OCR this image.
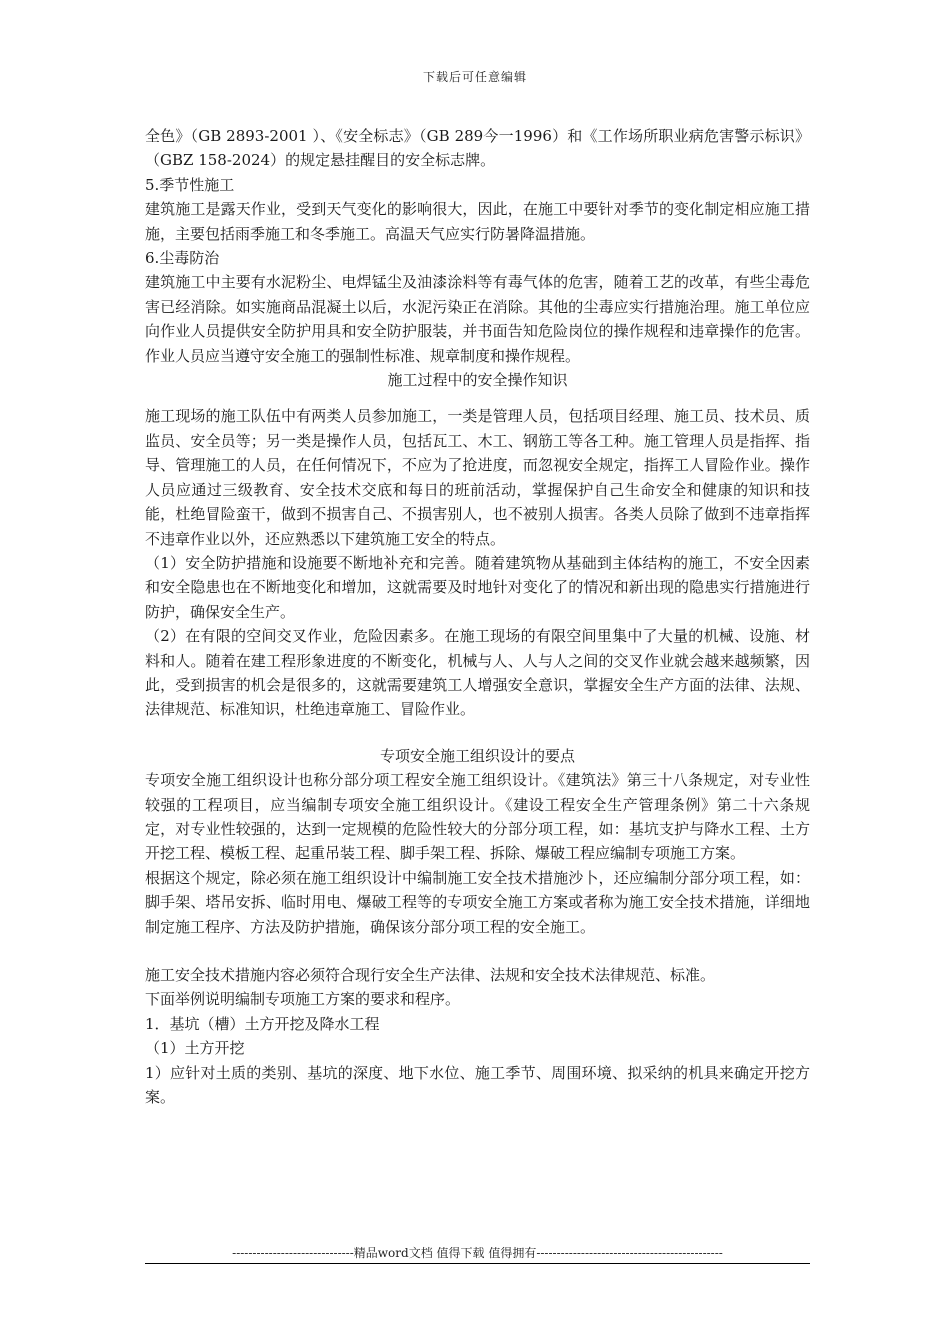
下载后可任意编辑

全色》（GB 2893-2001 ）、《安全标志》（GB 289今一1996）和《工作场所职业病危害警示标识》（GBZ 158-2024）的规定悬挂醒目的安全标志牌。

5.季节性施工

建筑施工是露天作业，受到天气变化的影响很大，因此，在施工中要针对季节的变化制定相应施工措施，主要包括雨季施工和冬季施工。高温天气应实行防暑降温措施。

6.尘毒防治

建筑施工中主要有水泥粉尘、电焊锰尘及油漆涂料等有毒气体的危害，随着工艺的改革，有些尘毒危害已经消除。如实施商品混凝土以后，水泥污染正在消除。其他的尘毒应实行措施治理。施工单位应向作业人员提供安全防护用具和安全防护服装，并书面告知危险岗位的操作规程和违章操作的危害。作业人员应当遵守安全施工的强制性标准、规章制度和操作规程。

施工过程中的安全操作知识

施工现场的施工队伍中有两类人员参加施工，一类是管理人员，包括项目经理、施工员、技术员、质监员、安全员等；另一类是操作人员，包括瓦工、木工、钢筋工等各工种。施工管理人员是指挥、指导、管理施工的人员，在任何情况下，不应为了抢进度，而忽视安全规定，指挥工人冒险作业。操作人员应通过三级教育、安全技术交底和每日的班前活动，掌握保护自己生命安全和健康的知识和技能，杜绝冒险蛮干，做到不损害自己、不损害别人，也不被别人损害。各类人员除了做到不违章指挥不违章作业以外，还应熟悉以下建筑施工安全的特点。

（1）安全防护措施和设施要不断地补充和完善。随着建筑物从基础到主体结构的施工，不安全因素和安全隐患也在不断地变化和增加，这就需要及时地针对变化了的情况和新出现的隐患实行措施进行防护，确保安全生产。

（2）在有限的空间交叉作业，危险因素多。在施工现场的有限空间里集中了大量的机械、设施、材料和人。随着在建工程形象进度的不断变化，机械与人、人与人之间的交叉作业就会越来越频繁，因此，受到损害的机会是很多的，这就需要建筑工人增强安全意识，掌握安全生产方面的法律、法规、法律规范、标准知识，杜绝违章施工、冒险作业。

专项安全施工组织设计的要点

专项安全施工组织设计也称分部分项工程安全施工组织设计。《建筑法》第三十八条规定，对专业性较强的工程项目，应当编制专项安全施工组织设计。《建设工程安全生产管理条例》第二十六条规定，对专业性较强的，达到一定规模的危险性较大的分部分项工程，如：基坑支护与降水工程、土方开挖工程、模板工程、起重吊装工程、脚手架工程、拆除、爆破工程应编制专项施工方案。

根据这个规定，除必须在施工组织设计中编制施工安全技术措施沙卜，还应编制分部分项工程，如：脚手架、塔吊安拆、临时用电、爆破工程等的专项安全施工方案或者称为施工安全技术措施，详细地制定施工程序、方法及防护措施，确保该分部分项工程的安全施工。

施工安全技术措施内容必须符合现行安全生产法律、法规和安全技术法律规范、标准。

下面举例说明编制专项施工方案的要求和程序。

1．基坑（槽）土方开挖及降水工程

（1）土方开挖

1）应针对土质的类别、基坑的深度、地下水位、施工季节、周围环境、拟采纳的机具来确定开挖方案。

------------------------------精品word文档 值得下载 值得拥有----------------------------------------------
